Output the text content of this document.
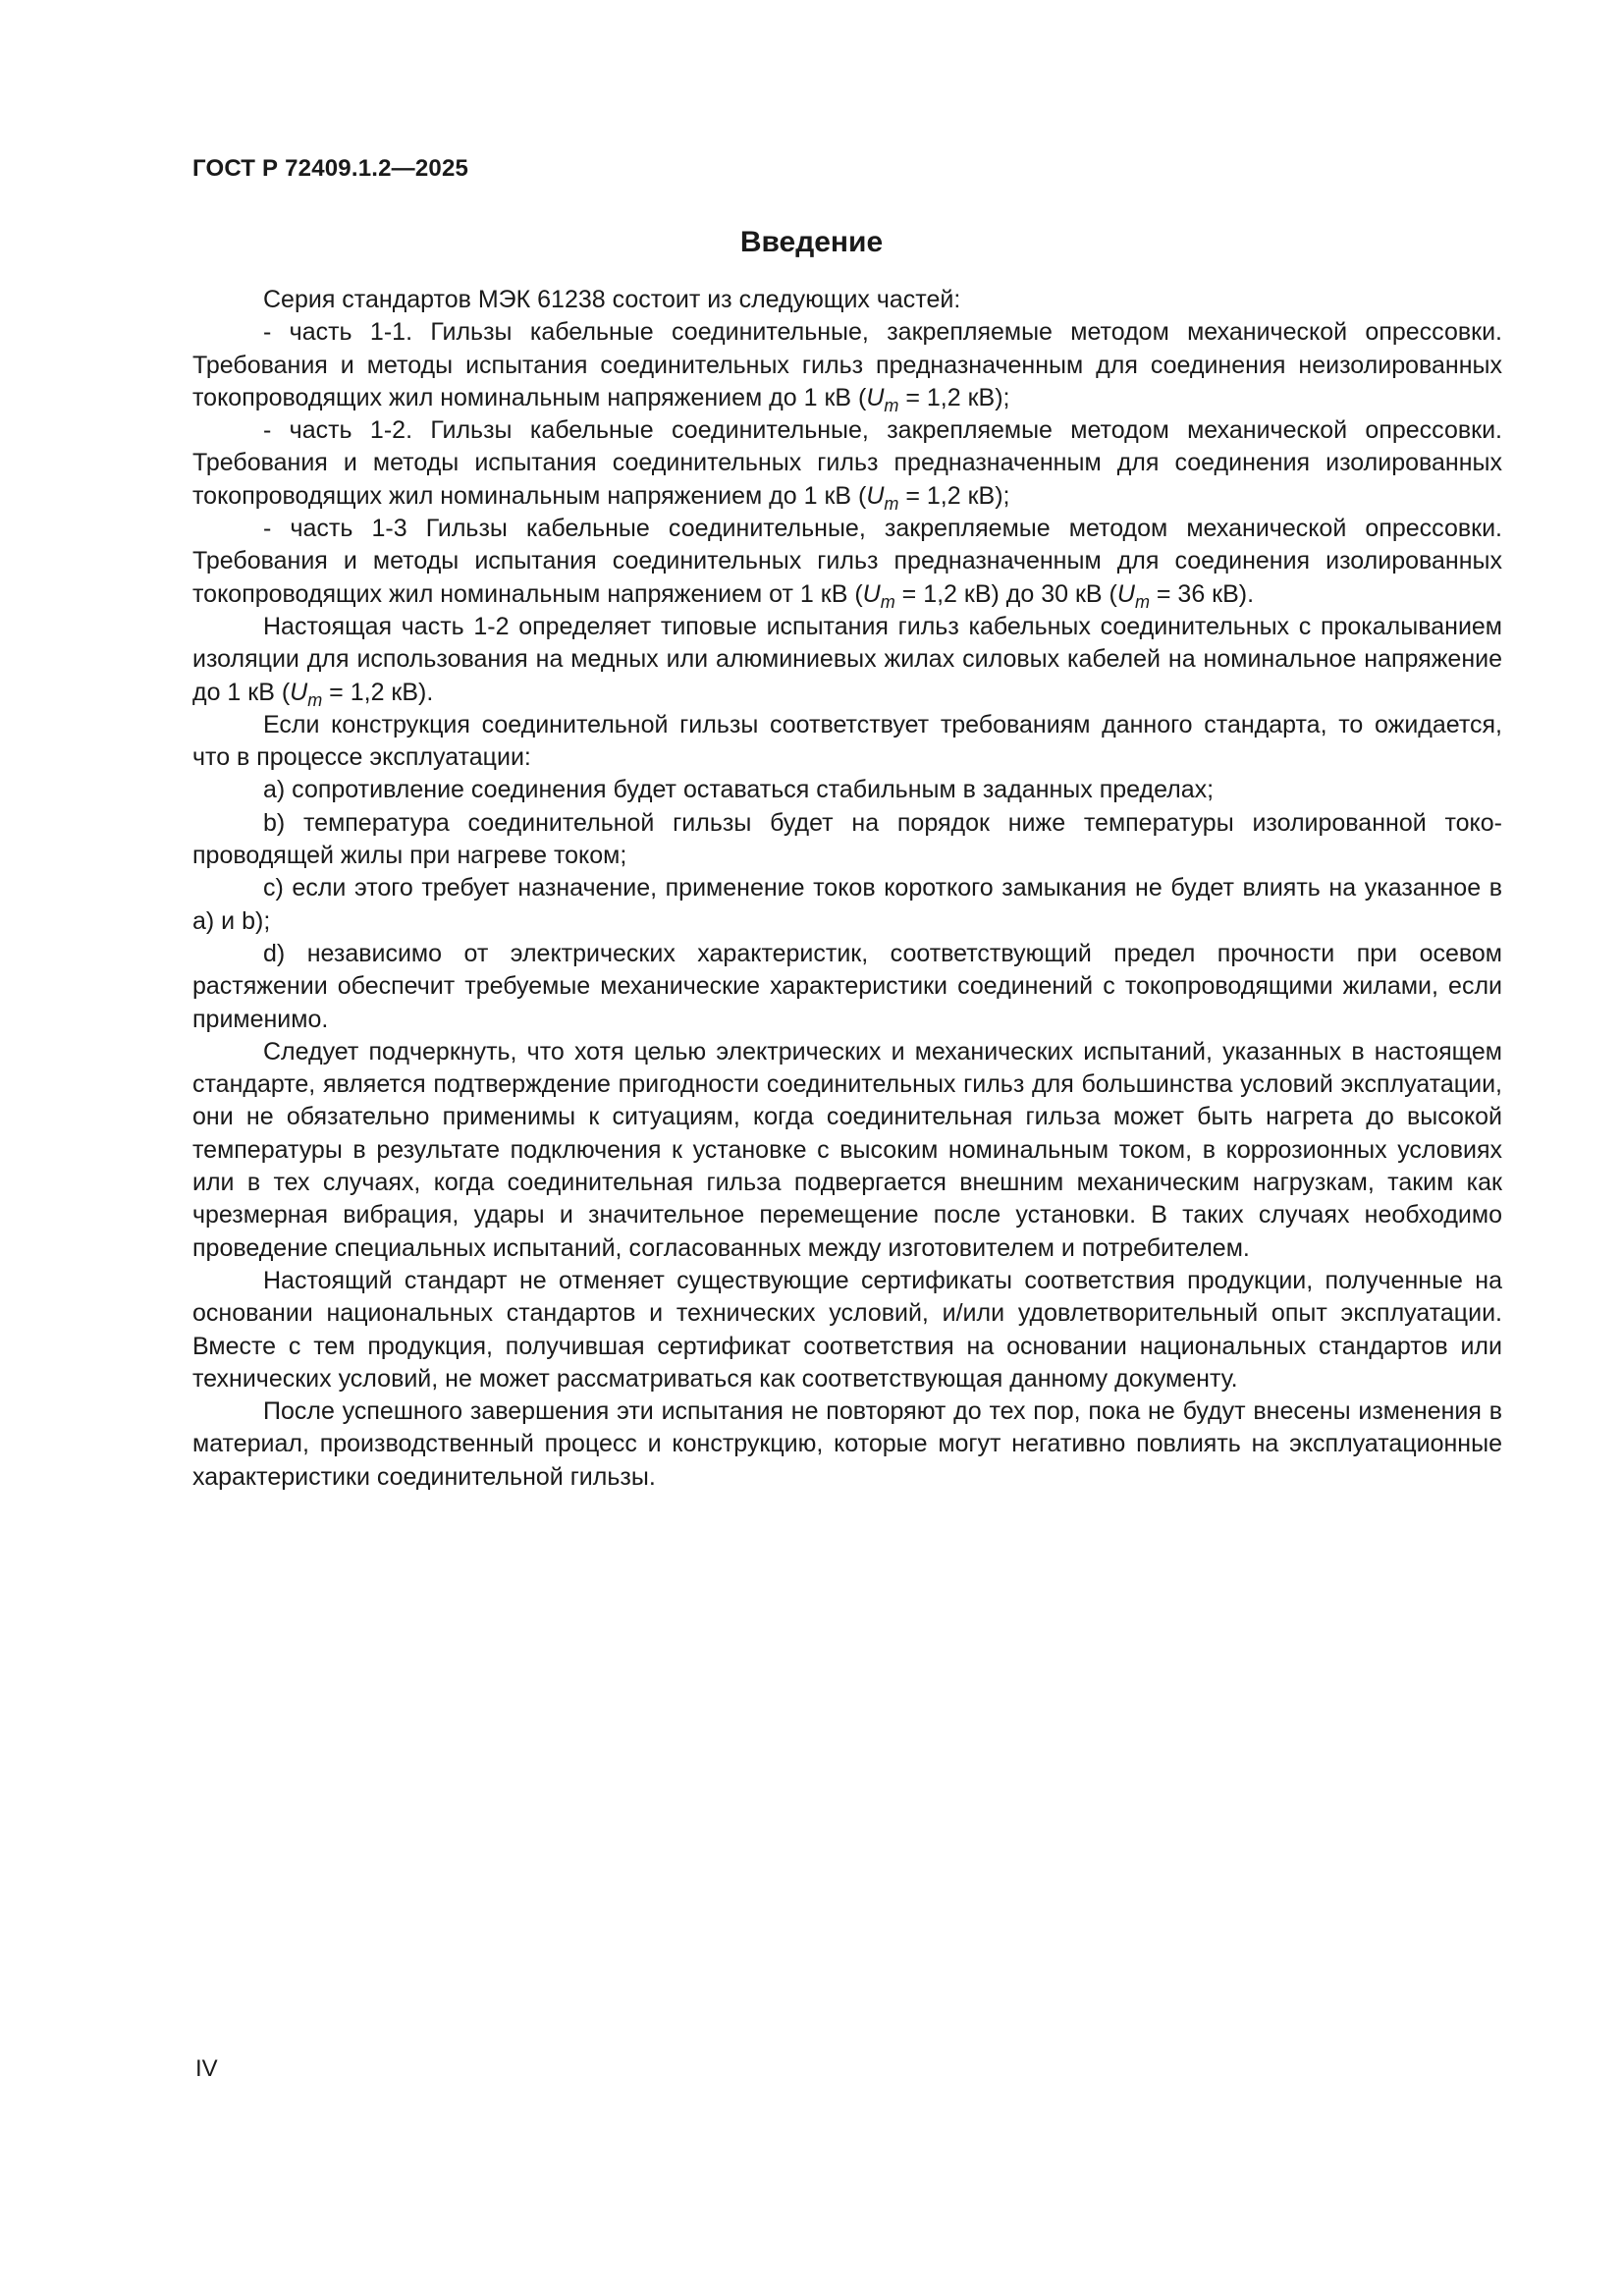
ГОСТ Р 72409.1.2—2025
Введение

Серия стандартов МЭК 61238 состоит из следующих частей:

- часть 1-1. Гильзы кабельные соединительные, закрепляемые методом механической опрессовки. Требования и методы испытания соединительных гильз предназначенным для соединения неизолированных токопроводящих жил номинальным напряжением до 1 кВ ($U_m = 1,2$ кВ);

- часть 1-2. Гильзы кабельные соединительные, закрепляемые методом механической опрессовки. Требования и методы испытания соединительных гильз предназначенным для соединения изолированных токопроводящих жил номинальным напряжением до 1 кВ ($U_m = 1,2$ кВ);

- часть 1-3 Гильзы кабельные соединительные, закрепляемые методом механической опрессовки. Требования и методы испытания соединительных гильз предназначенным для соединения изолированных токопроводящих жил номинальным напряжением от 1 кВ ($U_m = 1,2$ кВ) до 30 кВ ($U_m = 36$ кВ).

Настоящая часть 1-2 определяет типовые испытания гильз кабельных соединительных с прокалыванием изоляции для использования на медных или алюминиевых жилах силовых кабелей на номинальное напряжение до 1 кВ ($U_m = 1,2$ кВ).

Если конструкция соединительной гильзы соответствует требованиям данного стандарта, то ожидается, что в процессе эксплуатации:

a) сопротивление соединения будет оставаться стабильным в заданных пределах;

b) температура соединительной гильзы будет на порядок ниже температуры изолированной токопроводящей жилы при нагреве током;

c) если этого требует назначение, применение токов короткого замыкания не будет влиять на указанное в a) и b);

d) независимо от электрических характеристик, соответствующий предел прочности при осевом растяжении обеспечит требуемые механические характеристики соединений с токопроводящими жилами, если применимо.

Следует подчеркнуть, что хотя целью электрических и механических испытаний, указанных в настоящем стандарте, является подтверждение пригодности соединительных гильз для большинства условий эксплуатации, они не обязательно применимы к ситуациям, когда соединительная гильза может быть нагрета до высокой температуры в результате подключения к установке с высоким номинальным током, в коррозионных условиях или в тех случаях, когда соединительная гильза подвергается внешним механическим нагрузкам, таким как чрезмерная вибрация, удары и значительное перемещение после установки. В таких случаях необходимо проведение специальных испытаний, согласованных между изготовителем и потребителем.

Настоящий стандарт не отменяет существующие сертификаты соответствия продукции, полученные на основании национальных стандартов и технических условий, и/или удовлетворительный опыт эксплуатации. Вместе с тем продукция, получившая сертификат соответствия на основании национальных стандартов или технических условий, не может рассматриваться как соответствующая данному документу.

После успешного завершения эти испытания не повторяют до тех пор, пока не будут внесены изменения в материал, производственный процесс и конструкцию, которые могут негативно повлиять на эксплуатационные характеристики соединительной гильзы.

IV
